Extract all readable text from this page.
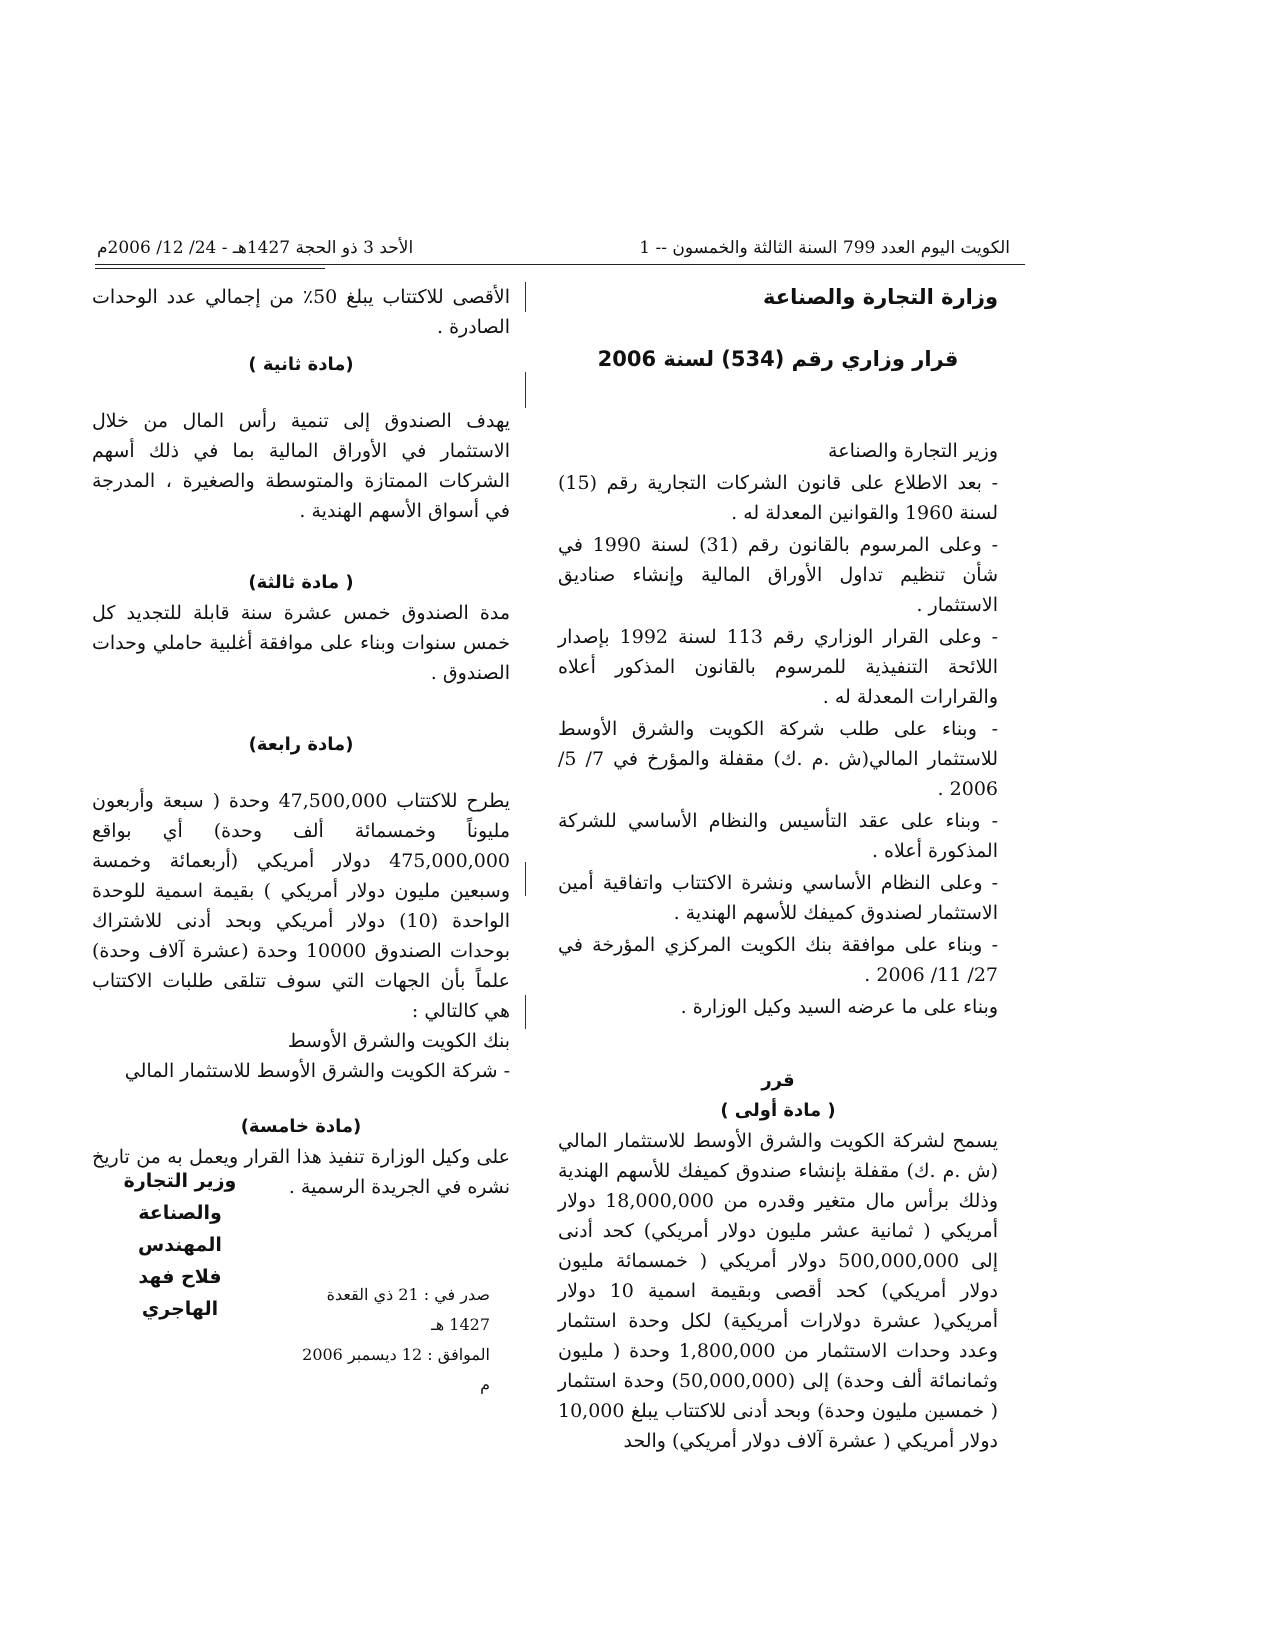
الكويت اليوم العدد 799 السنة الثالثة والخمسون -- 1
الأحد 3 ذو الحجة 1427هـ - 24/ 12/ 2006م
وزارة التجارة والصناعة
قرار وزاري رقم (534) لسنة 2006

وزير التجارة والصناعة

- بعد الاطلاع على قانون الشركات التجارية رقم (15) لسنة 1960 والقوانين المعدلة له .

- وعلى المرسوم بالقانون رقم (31) لسنة 1990 في شأن تنظيم تداول الأوراق المالية وإنشاء صناديق الاستثمار .

- وعلى القرار الوزاري رقم 113 لسنة 1992 بإصدار اللائحة التنفيذية للمرسوم بالقانون المذكور أعلاه والقرارات المعدلة له .

- وبناء على طلب شركة الكويت والشرق الأوسط للاستثمار المالي(ش .م .ك) مقفلة والمؤرخ في 7/ 5/ 2006 .

- وبناء على عقد التأسيس والنظام الأساسي للشركة المذكورة أعلاه .

- وعلى النظام الأساسي ونشرة الاكتتاب واتفاقية أمين الاستثمار لصندوق كميفك للأسهم الهندية .

- وبناء على موافقة بنك الكويت المركزي المؤرخة في 27/ 11/ 2006 .

وبناء على ما عرضه السيد وكيل الوزارة .

قرر
( مادة أولى )

يسمح لشركة الكويت والشرق الأوسط للاستثمار المالي (ش .م .ك) مقفلة بإنشاء صندوق كميفك للأسهم الهندية وذلك برأس مال متغير وقدره من 18,000,000 دولار أمريكي ( ثمانية عشر مليون دولار أمريكي) كحد أدنى إلى 500,000,000 دولار أمريكي ( خمسمائة مليون دولار أمريكي) كحد أقصى وبقيمة اسمية 10 دولار أمريكي( عشرة دولارات أمريكية) لكل وحدة استثمار وعدد وحدات الاستثمار من 1,800,000 وحدة ( مليون وثمانمائة ألف وحدة) إلى (50,000,000) وحدة استثمار ( خمسين مليون وحدة) وبحد أدنى للاكتتاب يبلغ 10,000 دولار أمريكي ( عشرة آلاف دولار أمريكي) والحد

الأقصى للاكتتاب يبلغ 50٪ من إجمالي عدد الوحدات الصادرة .

(مادة ثانية )

يهدف الصندوق إلى تنمية رأس المال من خلال الاستثمار في الأوراق المالية بما في ذلك أسهم الشركات الممتازة والمتوسطة والصغيرة ، المدرجة في أسواق الأسهم الهندية .

( مادة ثالثة)

مدة الصندوق خمس عشرة سنة قابلة للتجديد كل خمس سنوات وبناء على موافقة أغلبية حاملي وحدات الصندوق .

(مادة رابعة)

يطرح للاكتتاب 47,500,000 وحدة ( سبعة وأربعون مليوناً وخمسمائة ألف وحدة) أي بواقع 475,000,000 دولار أمريكي (أربعمائة وخمسة وسبعين مليون دولار أمريكي ) بقيمة اسمية للوحدة الواحدة (10) دولار أمريكي وبحد أدنى للاشتراك بوحدات الصندوق 10000 وحدة (عشرة آلاف وحدة) علماً بأن الجهات التي سوف تتلقى طلبات الاكتتاب هي كالتالي :

بنك الكويت والشرق الأوسط

- شركة الكويت والشرق الأوسط للاستثمار المالي

(مادة خامسة)

على وكيل الوزارة تنفيذ هذا القرار ويعمل به من تاريخ نشره في الجريدة الرسمية .

وزير التجارة والصناعة
المهندس
فلاح فهد الهاجري
صدر في : 21 ذي القعدة 1427 هـ
الموافق : 12 ديسمبر 2006 م
